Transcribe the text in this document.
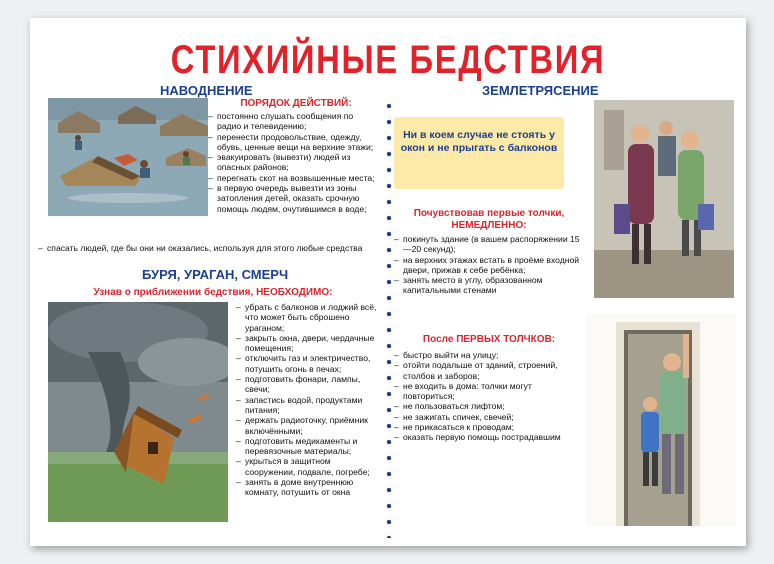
СТИХИЙНЫЕ БЕДСТВИЯ
НАВОДНЕНИЕ
ПОРЯДОК ДЕЙСТВИЙ:
– постоянно слушать сообщения по радио и телевидению;
– перенести продовольствие, одежду, обувь, ценные вещи на верхние этажи;
– эвакуировать (вывезти) людей из опасных районов;
– перегнать скот на возвышенные места;
– в первую очередь вывезти из зоны затопления детей, оказать срочную помощь людям, очутившимся в воде;
– спасать людей, где бы они ни оказались, используя для этого любые средства
БУРЯ, УРАГАН, СМЕРЧ
Узнав о приближении бедствия, НЕОБХОДИМО:
– убрать с балконов и лоджий всё, что может быть сброшено ураганом;
– закрыть окна, двери, чердачные помещения;
– отключить газ и электричество, потушить огонь в печах;
– подготовить фонари, лампы, свечи;
– запастись водой, продуктами питания;
– держать радиоточку, приёмник включёнными;
– подготовить медикаменты и перевязочные материалы;
– укрыться в защитном сооружении, подвале, погребе;
– занять в доме внутреннюю комнату, потушить от окна
ЗЕМЛЕТРЯСЕНИЕ
Ни в коем случае не стоять у окон и не прыгать с балконов
Почувствовав первые толчки, НЕМЕДЛЕННО:
– покинуть здание (в вашем распоряжении 15—20 секунд);
– на верхних этажах встать в проёме входной двери, прижав к себе ребёнка;
– занять место в углу, образованном капитальными стенами
После ПЕРВЫХ ТОЛЧКОВ:
– быстро выйти на улицу;
– отойти подальше от зданий, строений, столбов и заборов;
– не входить в дома: толчки могут повториться;
– не пользоваться лифтом;
– не зажигать спичек, свечей;
– не прикасаться к проводам;
– оказать первую помощь пострадавшим
